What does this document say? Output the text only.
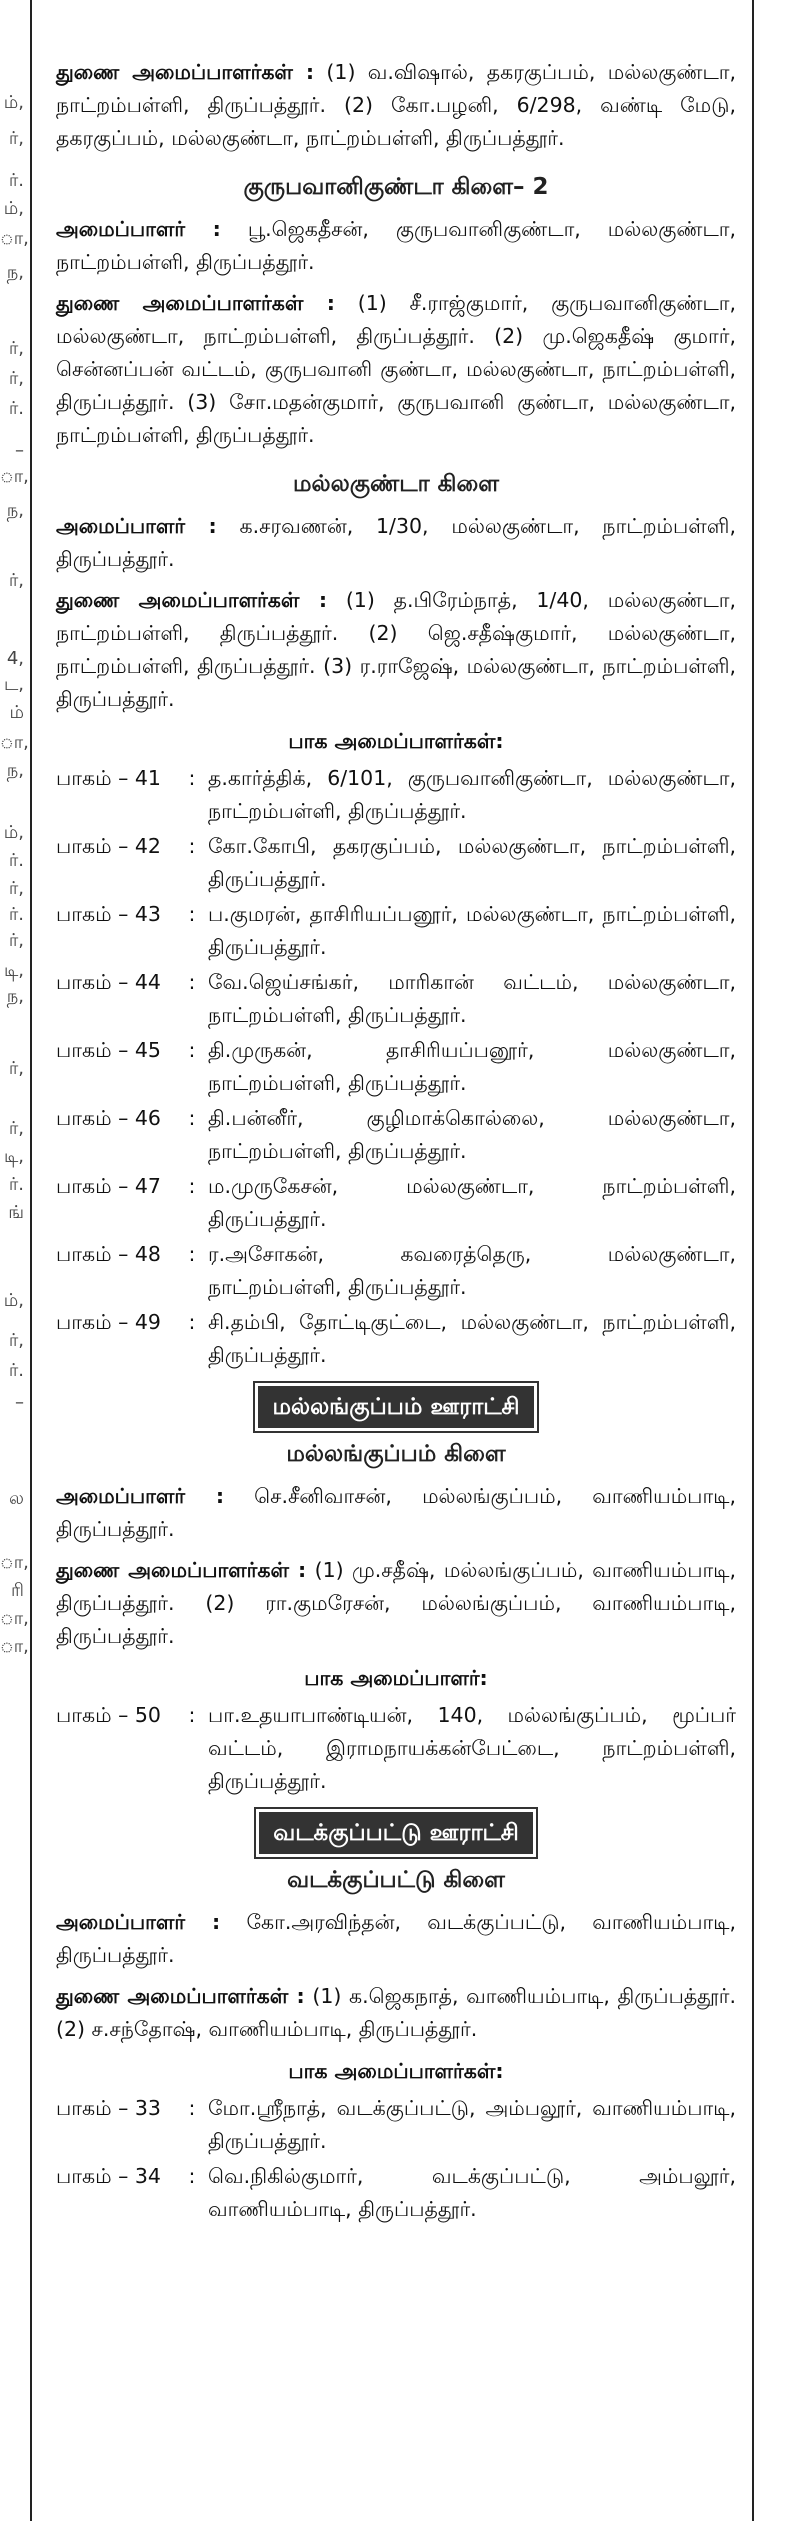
ம்,
ர்,
ர்.
ம்,
ா,
ந,
ர்,
ர்,
ர்.
–
ா,
ந,
ர்,
4,
ட,
ம்
ா,
ந,
ம்,
ர்.
ர்,
ர்.
ர்,
டி,
ந,
ர்,
ர்,
டி,
ர்.
ங்
ம்,
ர்,
ர்.
–
ல
ா,
ரி
ா,
ா,

துணை அமைப்பாளர்கள் : (1) வ.விஷால், தகரகுப்பம், மல்லகுண்டா, நாட்றம்பள்ளி, திருப்பத்தூர். (2) கோ.பழனி, 6/298, வண்டி மேடு, தகரகுப்பம், மல்லகுண்டா, நாட்றம்பள்ளி, திருப்பத்தூர்.

குருபவானிகுண்டா கிளை– 2

அமைப்பாளர் : பூ.ஜெகதீசன், குருபவானிகுண்டா, மல்லகுண்டா, நாட்றம்பள்ளி, திருப்பத்தூர்.

துணை அமைப்பாளர்கள் : (1) சீ.ராஜ்குமார், குருபவானிகுண்டா, மல்லகுண்டா, நாட்றம்பள்ளி, திருப்பத்தூர். (2) மு.ஜெகதீஷ் குமார், சென்னப்பன் வட்டம், குருபவானி குண்டா, மல்லகுண்டா, நாட்றம்பள்ளி, திருப்பத்தூர். (3) சோ.மதன்குமார், குருபவானி குண்டா, மல்லகுண்டா, நாட்றம்பள்ளி, திருப்பத்தூர்.

மல்லகுண்டா கிளை

அமைப்பாளர் : க.சரவணன், 1/30, மல்லகுண்டா, நாட்றம்பள்ளி, திருப்பத்தூர்.

துணை அமைப்பாளர்கள் : (1) த.பிரேம்நாத், 1/40, மல்லகுண்டா, நாட்றம்பள்ளி, திருப்பத்தூர். (2) ஜெ.சதீஷ்குமார், மல்லகுண்டா, நாட்றம்பள்ளி, திருப்பத்தூர். (3) ர.ராஜேஷ், மல்லகுண்டா, நாட்றம்பள்ளி, திருப்பத்தூர்.

பாக அமைப்பாளர்கள்:
பாகம் – 41	: த.கார்த்திக், 6/101, குருபவானிகுண்டா, மல்லகுண்டா, நாட்றம்பள்ளி, திருப்பத்தூர்.
பாகம் – 42	: கோ.கோபி, தகரகுப்பம், மல்லகுண்டா, நாட்றம்பள்ளி, திருப்பத்தூர்.
பாகம் – 43	: ப.குமரன், தாசிரியப்பனூர், மல்லகுண்டா, நாட்றம்பள்ளி, திருப்பத்தூர்.
பாகம் – 44	: வே.ஜெய்சங்கர், மாரிகான் வட்டம், மல்லகுண்டா, நாட்றம்பள்ளி, திருப்பத்தூர்.
பாகம் – 45	: தி.முருகன், தாசிரியப்பனூர், மல்லகுண்டா, நாட்றம்பள்ளி, திருப்பத்தூர்.
பாகம் – 46	: தி.பன்னீர், குழிமாக்கொல்லை, மல்லகுண்டா, நாட்றம்பள்ளி, திருப்பத்தூர்.
பாகம் – 47	: ம.முருகேசன், மல்லகுண்டா, நாட்றம்பள்ளி, திருப்பத்தூர்.
பாகம் – 48	: ர.அசோகன், கவரைத்தெரு, மல்லகுண்டா, நாட்றம்பள்ளி, திருப்பத்தூர்.
பாகம் – 49	: சி.தம்பி, தோட்டிகுட்டை, மல்லகுண்டா, நாட்றம்பள்ளி, திருப்பத்தூர்.
மல்லங்குப்பம் ஊராட்சி
மல்லங்குப்பம் கிளை

அமைப்பாளர் : செ.சீனிவாசன், மல்லங்குப்பம், வாணியம்பாடி, திருப்பத்தூர்.

துணை அமைப்பாளர்கள் : (1) மு.சதீஷ், மல்லங்குப்பம், வாணியம்பாடி, திருப்பத்தூர். (2) ரா.குமரேசன், மல்லங்குப்பம், வாணியம்பாடி, திருப்பத்தூர்.

பாக அமைப்பாளர்:
பாகம் – 50	: பா.உதயாபாண்டியன், 140, மல்லங்குப்பம், மூப்பர் வட்டம், இராமநாயக்கன்பேட்டை, நாட்றம்பள்ளி, திருப்பத்தூர்.
வடக்குப்பட்டு ஊராட்சி
வடக்குப்பட்டு கிளை

அமைப்பாளர் : கோ.அரவிந்தன், வடக்குப்பட்டு, வாணியம்பாடி, திருப்பத்தூர்.

துணை அமைப்பாளர்கள் : (1) க.ஜெகநாத், வாணியம்பாடி, திருப்பத்தூர். (2) ச.சந்தோஷ், வாணியம்பாடி, திருப்பத்தூர்.

பாக அமைப்பாளர்கள்:
பாகம் – 33	: மோ.ஸ்ரீநாத், வடக்குப்பட்டு, அம்பலூர், வாணியம்பாடி, திருப்பத்தூர்.
பாகம் – 34	: வெ.நிகில்குமார், வடக்குப்பட்டு, அம்பலூர், வாணியம்பாடி, திருப்பத்தூர்.
